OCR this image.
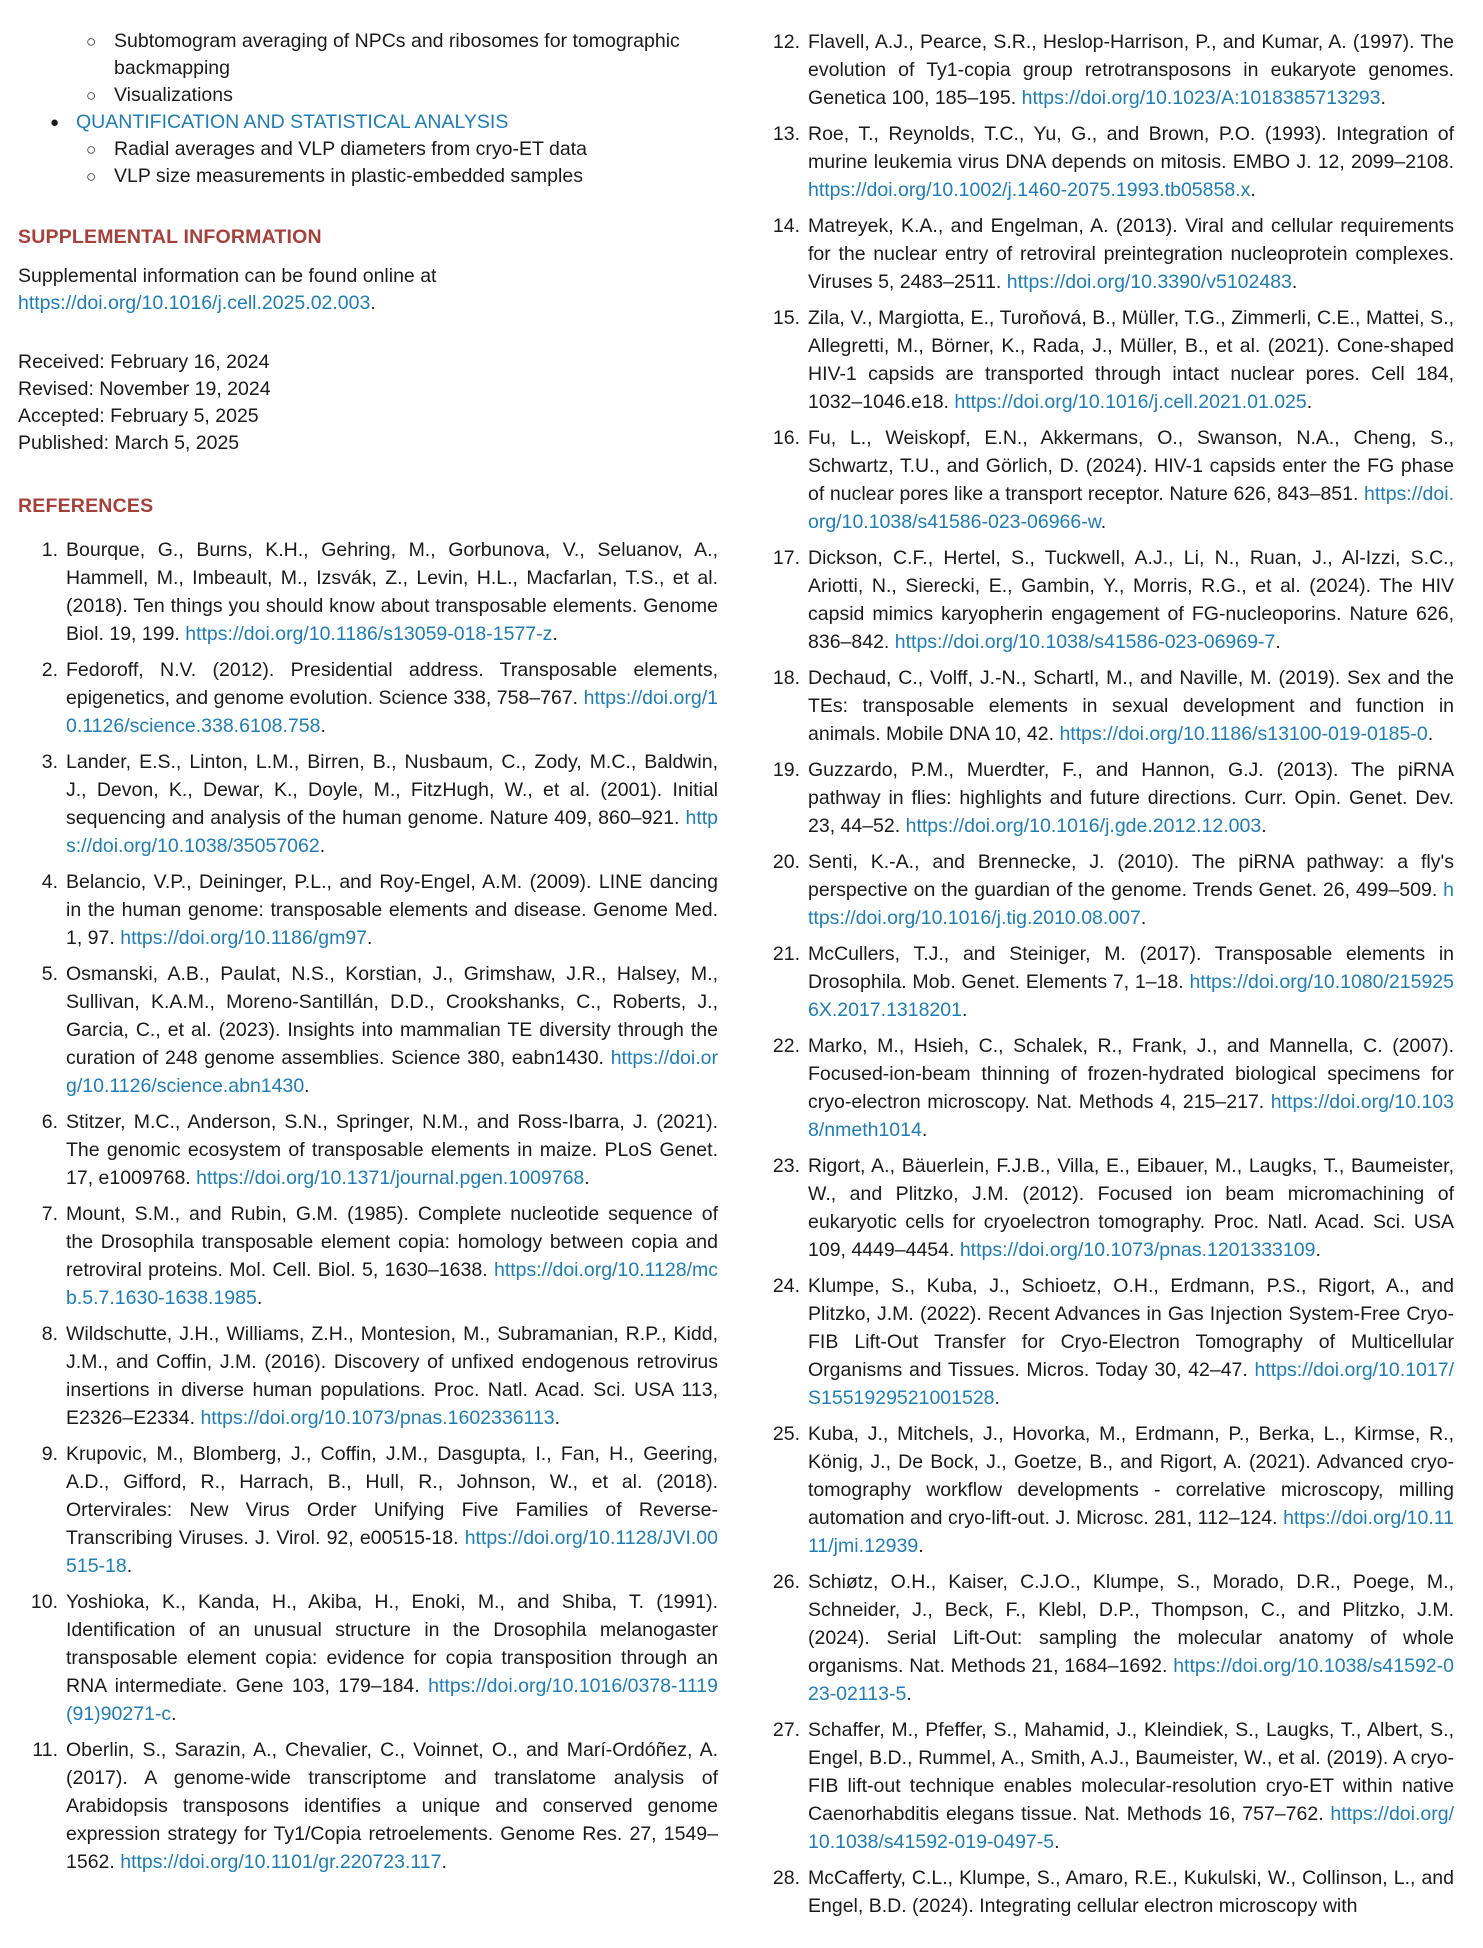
○ Subtomogram averaging of NPCs and ribosomes for tomographic backmapping
○ Visualizations
● QUANTIFICATION AND STATISTICAL ANALYSIS
○ Radial averages and VLP diameters from cryo-ET data
○ VLP size measurements in plastic-embedded samples
SUPPLEMENTAL INFORMATION

Supplemental information can be found online at https://doi.org/10.1016/j.cell.2025.02.003.

Received: February 16, 2024
Revised: November 19, 2024
Accepted: February 5, 2025
Published: March 5, 2025
REFERENCES
1. Bourque, G., Burns, K.H., Gehring, M., Gorbunova, V., Seluanov, A., Hammell, M., Imbeault, M., Izsvák, Z., Levin, H.L., Macfarlan, T.S., et al. (2018). Ten things you should know about transposable elements. Genome Biol. 19, 199. https://doi.org/10.1186/s13059-018-1577-z.
2. Fedoroff, N.V. (2012). Presidential address. Transposable elements, epigenetics, and genome evolution. Science 338, 758–767. https://doi.org/10.1126/science.338.6108.758.
3. Lander, E.S., Linton, L.M., Birren, B., Nusbaum, C., Zody, M.C., Baldwin, J., Devon, K., Dewar, K., Doyle, M., FitzHugh, W., et al. (2001). Initial sequencing and analysis of the human genome. Nature 409, 860–921. https://doi.org/10.1038/35057062.
4. Belancio, V.P., Deininger, P.L., and Roy-Engel, A.M. (2009). LINE dancing in the human genome: transposable elements and disease. Genome Med. 1, 97. https://doi.org/10.1186/gm97.
5. Osmanski, A.B., Paulat, N.S., Korstian, J., Grimshaw, J.R., Halsey, M., Sullivan, K.A.M., Moreno-Santillán, D.D., Crookshanks, C., Roberts, J., Garcia, C., et al. (2023). Insights into mammalian TE diversity through the curation of 248 genome assemblies. Science 380, eabn1430. https://doi.org/10.1126/science.abn1430.
6. Stitzer, M.C., Anderson, S.N., Springer, N.M., and Ross-Ibarra, J. (2021). The genomic ecosystem of transposable elements in maize. PLoS Genet. 17, e1009768. https://doi.org/10.1371/journal.pgen.1009768.
7. Mount, S.M., and Rubin, G.M. (1985). Complete nucleotide sequence of the Drosophila transposable element copia: homology between copia and retroviral proteins. Mol. Cell. Biol. 5, 1630–1638. https://doi.org/10.1128/mcb.5.7.1630-1638.1985.
8. Wildschutte, J.H., Williams, Z.H., Montesion, M., Subramanian, R.P., Kidd, J.M., and Coffin, J.M. (2016). Discovery of unfixed endogenous retrovirus insertions in diverse human populations. Proc. Natl. Acad. Sci. USA 113, E2326–E2334. https://doi.org/10.1073/pnas.1602336113.
9. Krupovic, M., Blomberg, J., Coffin, J.M., Dasgupta, I., Fan, H., Geering, A.D., Gifford, R., Harrach, B., Hull, R., Johnson, W., et al. (2018). Ortervirales: New Virus Order Unifying Five Families of Reverse-Transcribing Viruses. J. Virol. 92, e00515-18. https://doi.org/10.1128/JVI.00515-18.
10. Yoshioka, K., Kanda, H., Akiba, H., Enoki, M., and Shiba, T. (1991). Identification of an unusual structure in the Drosophila melanogaster transposable element copia: evidence for copia transposition through an RNA intermediate. Gene 103, 179–184. https://doi.org/10.1016/0378-1119(91)90271-c.
11. Oberlin, S., Sarazin, A., Chevalier, C., Voinnet, O., and Marí-Ordóñez, A. (2017). A genome-wide transcriptome and translatome analysis of Arabidopsis transposons identifies a unique and conserved genome expression strategy for Ty1/Copia retroelements. Genome Res. 27, 1549–1562. https://doi.org/10.1101/gr.220723.117.
12. Flavell, A.J., Pearce, S.R., Heslop-Harrison, P., and Kumar, A. (1997). The evolution of Ty1-copia group retrotransposons in eukaryote genomes. Genetica 100, 185–195. https://doi.org/10.1023/A:1018385713293.
13. Roe, T., Reynolds, T.C., Yu, G., and Brown, P.O. (1993). Integration of murine leukemia virus DNA depends on mitosis. EMBO J. 12, 2099–2108. https://doi.org/10.1002/j.1460-2075.1993.tb05858.x.
14. Matreyek, K.A., and Engelman, A. (2013). Viral and cellular requirements for the nuclear entry of retroviral preintegration nucleoprotein complexes. Viruses 5, 2483–2511. https://doi.org/10.3390/v5102483.
15. Zila, V., Margiotta, E., Turoňová, B., Müller, T.G., Zimmerli, C.E., Mattei, S., Allegretti, M., Börner, K., Rada, J., Müller, B., et al. (2021). Cone-shaped HIV-1 capsids are transported through intact nuclear pores. Cell 184, 1032–1046.e18. https://doi.org/10.1016/j.cell.2021.01.025.
16. Fu, L., Weiskopf, E.N., Akkermans, O., Swanson, N.A., Cheng, S., Schwartz, T.U., and Görlich, D. (2024). HIV-1 capsids enter the FG phase of nuclear pores like a transport receptor. Nature 626, 843–851. https://doi.org/10.1038/s41586-023-06966-w.
17. Dickson, C.F., Hertel, S., Tuckwell, A.J., Li, N., Ruan, J., Al-Izzi, S.C., Ariotti, N., Sierecki, E., Gambin, Y., Morris, R.G., et al. (2024). The HIV capsid mimics karyopherin engagement of FG-nucleoporins. Nature 626, 836–842. https://doi.org/10.1038/s41586-023-06969-7.
18. Dechaud, C., Volff, J.-N., Schartl, M., and Naville, M. (2019). Sex and the TEs: transposable elements in sexual development and function in animals. Mobile DNA 10, 42. https://doi.org/10.1186/s13100-019-0185-0.
19. Guzzardo, P.M., Muerdter, F., and Hannon, G.J. (2013). The piRNA pathway in flies: highlights and future directions. Curr. Opin. Genet. Dev. 23, 44–52. https://doi.org/10.1016/j.gde.2012.12.003.
20. Senti, K.-A., and Brennecke, J. (2010). The piRNA pathway: a fly's perspective on the guardian of the genome. Trends Genet. 26, 499–509. https://doi.org/10.1016/j.tig.2010.08.007.
21. McCullers, T.J., and Steiniger, M. (2017). Transposable elements in Drosophila. Mob. Genet. Elements 7, 1–18. https://doi.org/10.1080/2159256X.2017.1318201.
22. Marko, M., Hsieh, C., Schalek, R., Frank, J., and Mannella, C. (2007). Focused-ion-beam thinning of frozen-hydrated biological specimens for cryo-electron microscopy. Nat. Methods 4, 215–217. https://doi.org/10.1038/nmeth1014.
23. Rigort, A., Bäuerlein, F.J.B., Villa, E., Eibauer, M., Laugks, T., Baumeister, W., and Plitzko, J.M. (2012). Focused ion beam micromachining of eukaryotic cells for cryoelectron tomography. Proc. Natl. Acad. Sci. USA 109, 4449–4454. https://doi.org/10.1073/pnas.1201333109.
24. Klumpe, S., Kuba, J., Schioetz, O.H., Erdmann, P.S., Rigort, A., and Plitzko, J.M. (2022). Recent Advances in Gas Injection System-Free Cryo-FIB Lift-Out Transfer for Cryo-Electron Tomography of Multicellular Organisms and Tissues. Micros. Today 30, 42–47. https://doi.org/10.1017/S1551929521001528.
25. Kuba, J., Mitchels, J., Hovorka, M., Erdmann, P., Berka, L., Kirmse, R., König, J., De Bock, J., Goetze, B., and Rigort, A. (2021). Advanced cryo-tomography workflow developments - correlative microscopy, milling automation and cryo-lift-out. J. Microsc. 281, 112–124. https://doi.org/10.1111/jmi.12939.
26. Schiøtz, O.H., Kaiser, C.J.O., Klumpe, S., Morado, D.R., Poege, M., Schneider, J., Beck, F., Klebl, D.P., Thompson, C., and Plitzko, J.M. (2024). Serial Lift-Out: sampling the molecular anatomy of whole organisms. Nat. Methods 21, 1684–1692. https://doi.org/10.1038/s41592-023-02113-5.
27. Schaffer, M., Pfeffer, S., Mahamid, J., Kleindiek, S., Laugks, T., Albert, S., Engel, B.D., Rummel, A., Smith, A.J., Baumeister, W., et al. (2019). A cryo-FIB lift-out technique enables molecular-resolution cryo-ET within native Caenorhabditis elegans tissue. Nat. Methods 16, 757–762. https://doi.org/10.1038/s41592-019-0497-5.
28. McCafferty, C.L., Klumpe, S., Amaro, R.E., Kukulski, W., Collinson, L., and Engel, B.D. (2024). Integrating cellular electron microscopy with
